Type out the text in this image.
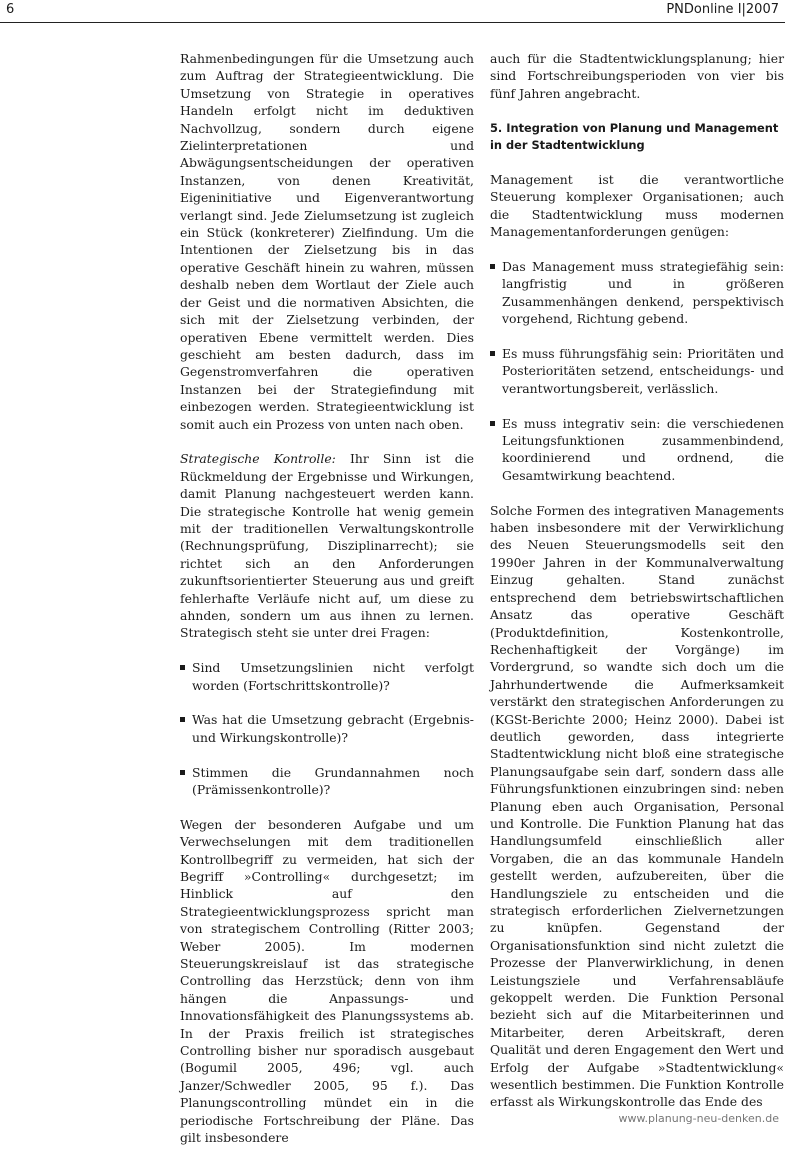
6	PNDonline I|2007

Rahmenbedingungen für die Umsetzung auch zum Auftrag der Strategieentwicklung. Die Umsetzung von Strategie in operatives Handeln erfolgt nicht im deduktiven Nachvollzug, sondern durch eigene Zielinterpretationen und Abwägungsentscheidungen der operativen Instanzen, von denen Kreativität, Eigeninitiative und Eigenverantwortung verlangt sind. Jede Zielumsetzung ist zugleich ein Stück (konkreterer) Zielfindung. Um die Intentionen der Zielsetzung bis in das operative Geschäft hinein zu wahren, müssen deshalb neben dem Wortlaut der Ziele auch der Geist und die normativen Absichten, die sich mit der Zielsetzung verbinden, der operativen Ebene vermittelt werden. Dies geschieht am besten dadurch, dass im Gegenstromverfahren die operativen Instanzen bei der Strategiefindung mit einbezogen werden. Strategieentwicklung ist somit auch ein Prozess von unten nach oben.

Strategische Kontrolle: Ihr Sinn ist die Rückmeldung der Ergebnisse und Wirkungen, damit Planung nachgesteuert werden kann. Die strategische Kontrolle hat wenig gemein mit der traditionellen Verwaltungskontrolle (Rechnungsprüfung, Disziplinarrecht); sie richtet sich an den Anforderungen zukunftsorientierter Steuerung aus und greift fehlerhafte Verläufe nicht auf, um diese zu ahnden, sondern um aus ihnen zu lernen. Strategisch steht sie unter drei Fragen:

Sind Umsetzungslinien nicht verfolgt worden (Fortschrittskontrolle)?
Was hat die Umsetzung gebracht (Ergebnis- und Wirkungskontrolle)?
Stimmen die Grundannahmen noch (Prämissenkontrolle)?

Wegen der besonderen Aufgabe und um Verwechselungen mit dem traditionellen Kontrollbegriff zu vermeiden, hat sich der Begriff »Controlling« durchgesetzt; im Hinblick auf den Strategieentwicklungsprozess spricht man von strategischem Controlling (Ritter 2003; Weber 2005). Im modernen Steuerungskreislauf ist das strategische Controlling das Herzstück; denn von ihm hängen die Anpassungs- und Innovationsfähigkeit des Planungssystems ab. In der Praxis freilich ist strategisches Controlling bisher nur sporadisch ausgebaut (Bogumil 2005, 496; vgl. auch Janzer/Schwedler 2005, 95 f.). Das Planungscontrolling mündet ein in die periodische Fortschreibung der Pläne. Das gilt insbesondere

auch für die Stadtentwicklungsplanung; hier sind Fortschreibungsperioden von vier bis fünf Jahren angebracht.

5. Integration von Planung und Management in der Stadtentwicklung

Management ist die verantwortliche Steuerung komplexer Organisationen; auch die Stadtentwicklung muss modernen Managementanforderungen genügen:

Das Management muss strategiefähig sein: langfristig und in größeren Zusammenhängen denkend, perspektivisch vorgehend, Richtung gebend.
Es muss führungsfähig sein: Prioritäten und Posterioritäten setzend, entscheidungs- und verantwortungsbereit, verlässlich.
Es muss integrativ sein: die verschiedenen Leitungsfunktionen zusammenbindend, koordinierend und ordnend, die Gesamtwirkung beachtend.

Solche Formen des integrativen Managements haben insbesondere mit der Verwirklichung des Neuen Steuerungsmodells seit den 1990er Jahren in der Kommunalverwaltung Einzug gehalten. Stand zunächst entsprechend dem betriebswirtschaftlichen Ansatz das operative Geschäft (Produktdefinition, Kostenkontrolle, Rechenhaftigkeit der Vorgänge) im Vordergrund, so wandte sich doch um die Jahrhundertwende die Aufmerksamkeit verstärkt den strategischen Anforderungen zu (KGSt-Berichte 2000; Heinz 2000). Dabei ist deutlich geworden, dass integrierte Stadtentwicklung nicht bloß eine strategische Planungsaufgabe sein darf, sondern dass alle Führungsfunktionen einzubringen sind: neben Planung eben auch Organisation, Personal und Kontrolle. Die Funktion Planung hat das Handlungsumfeld einschließlich aller Vorgaben, die an das kommunale Handeln gestellt werden, aufzubereiten, über die Handlungsziele zu entscheiden und die strategisch erforderlichen Zielvernetzungen zu knüpfen. Gegenstand der Organisationsfunktion sind nicht zuletzt die Prozesse der Planverwirklichung, in denen Leistungsziele und Verfahrensabläufe gekoppelt werden. Die Funktion Personal bezieht sich auf die Mitarbeiterinnen und Mitarbeiter, deren Arbeitskraft, deren Qualität und deren Engagement den Wert und Erfolg der Aufgabe »Stadtentwicklung« wesentlich bestimmen. Die Funktion Kontrolle erfasst als Wirkungskontrolle das Ende des

www.planung-neu-denken.de
